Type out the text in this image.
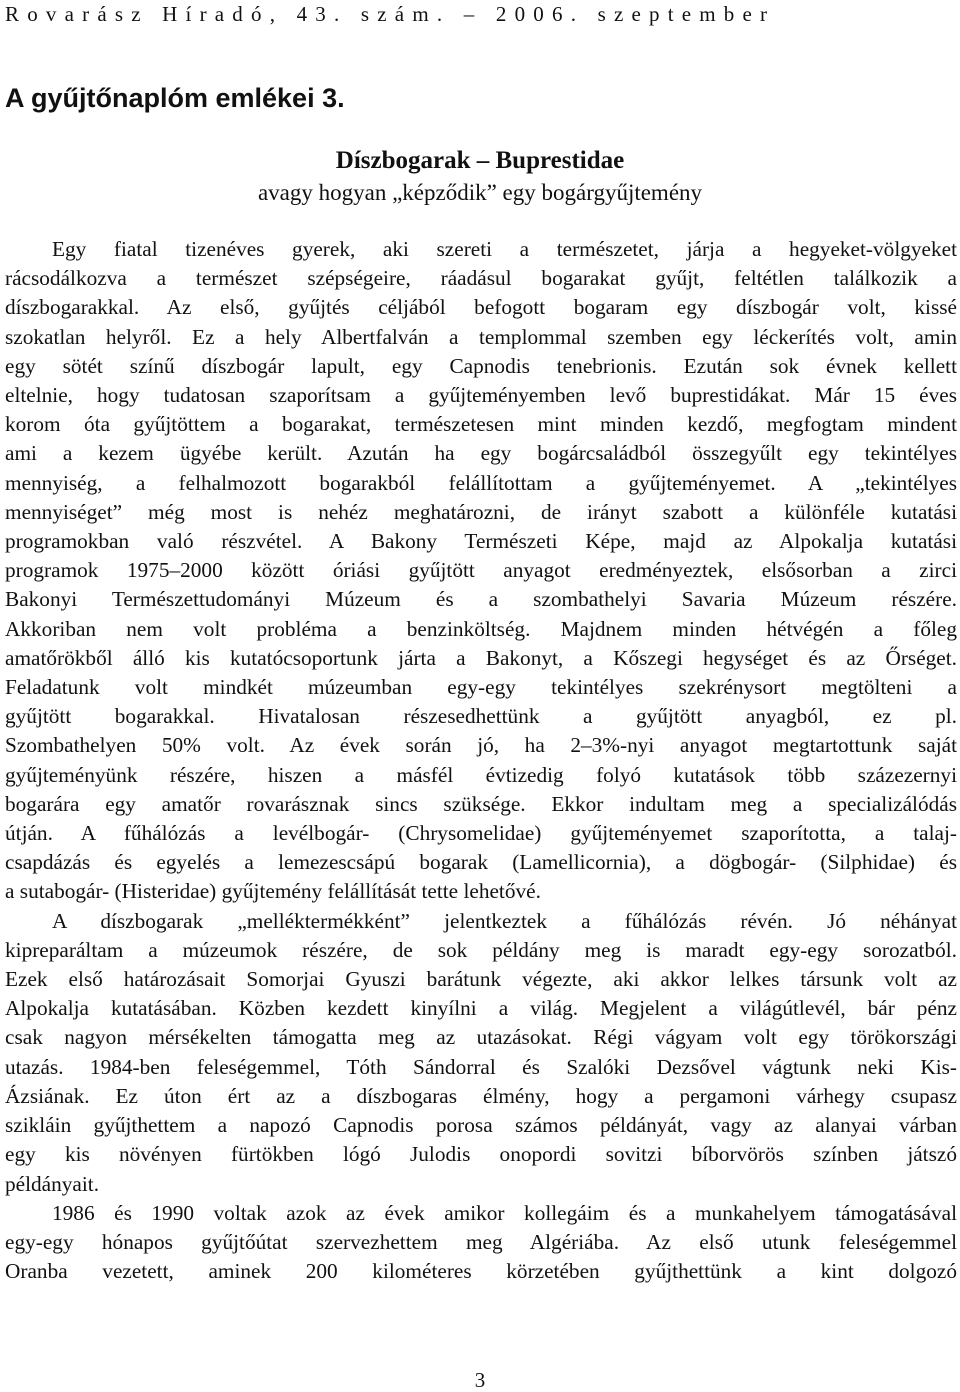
Rovarász Híradó, 43. szám. – 2006. szeptember
A gyűjtőnaplóm emlékei 3.
Díszbogarak – Buprestidae
avagy hogyan „képződik” egy bogárgyűjtemény

Egy fiatal tizenéves gyerek, aki szereti a természetet, járja a hegyeket-völgyeket

rácsodálkozva a természet szépségeire, ráadásul bogarakat gyűjt, feltétlen találkozik a

díszbogarakkal. Az első, gyűjtés céljából befogott bogaram egy díszbogár volt, kissé

szokatlan helyről. Ez a hely Albertfalván a templommal szemben egy léckerítés volt, amin

egy sötét színű díszbogár lapult, egy Capnodis tenebrionis. Ezután sok évnek kellett

eltelnie, hogy tudatosan szaporítsam a gyűjteményemben levő buprestidákat. Már 15 éves

korom óta gyűjtöttem a bogarakat, természetesen mint minden kezdő, megfogtam mindent

ami a kezem ügyébe került. Azután ha egy bogárcsaládból összegyűlt egy tekintélyes

mennyiség, a felhalmozott bogarakból felállítottam a gyűjteményemet. A „tekintélyes

mennyiséget” még most is nehéz meghatározni, de irányt szabott a különféle kutatási

programokban való részvétel. A Bakony Természeti Képe, majd az Alpokalja kutatási

programok 1975–2000 között óriási gyűjtött anyagot eredményeztek, elsősorban a zirci

Bakonyi Természettudományi Múzeum és a szombathelyi Savaria Múzeum részére.

Akkoriban nem volt probléma a benzinköltség. Majdnem minden hétvégén a főleg

amatőrökből álló kis kutatócsoportunk járta a Bakonyt, a Kőszegi hegységet és az Őrséget.

Feladatunk volt mindkét múzeumban egy-egy tekintélyes szekrénysort megtölteni a

gyűjtött bogarakkal. Hivatalosan részesedhettünk a gyűjtött anyagból, ez pl.

Szombathelyen 50% volt. Az évek során jó, ha 2–3%-nyi anyagot megtartottunk saját

gyűjteményünk részére, hiszen a másfél évtizedig folyó kutatások több százezernyi

bogarára egy amatőr rovarásznak sincs szüksége. Ekkor indultam meg a specializálódás

útján. A fűhálózás a levélbogár- (Chrysomelidae) gyűjteményemet szaporította, a talaj-

csapdázás és egyelés a lemezescsápú bogarak (Lamellicornia), a dögbogár- (Silphidae) és

a sutabogár- (Histeridae) gyűjtemény felállítását tette lehetővé.

A díszbogarak „melléktermékként” jelentkeztek a fűhálózás révén. Jó néhányat

kipreparáltam a múzeumok részére, de sok példány meg is maradt egy-egy sorozatból.

Ezek első határozásait Somorjai Gyuszi barátunk végezte, aki akkor lelkes társunk volt az

Alpokalja kutatásában. Közben kezdett kinyílni a világ. Megjelent a világútlevél, bár pénz

csak nagyon mérsékelten támogatta meg az utazásokat. Régi vágyam volt egy törökországi

utazás. 1984-ben feleségemmel, Tóth Sándorral és Szalóki Dezsővel vágtunk neki Kis-

Ázsiának. Ez úton ért az a díszbogaras élmény, hogy a pergamoni várhegy csupasz

szikláin gyűjthettem a napozó Capnodis porosa számos példányát, vagy az alanyai várban

egy kis növényen fürtökben lógó Julodis onopordi sovitzi bíborvörös színben játszó

példányait.

1986 és 1990 voltak azok az évek amikor kollegáim és a munkahelyem támogatásával

egy-egy hónapos gyűjtőútat szervezhettem meg Algériába. Az első utunk feleségemmel

Oranba vezetett, aminek 200 kilométeres körzetében gyűjthettünk a kint dolgozó

3
